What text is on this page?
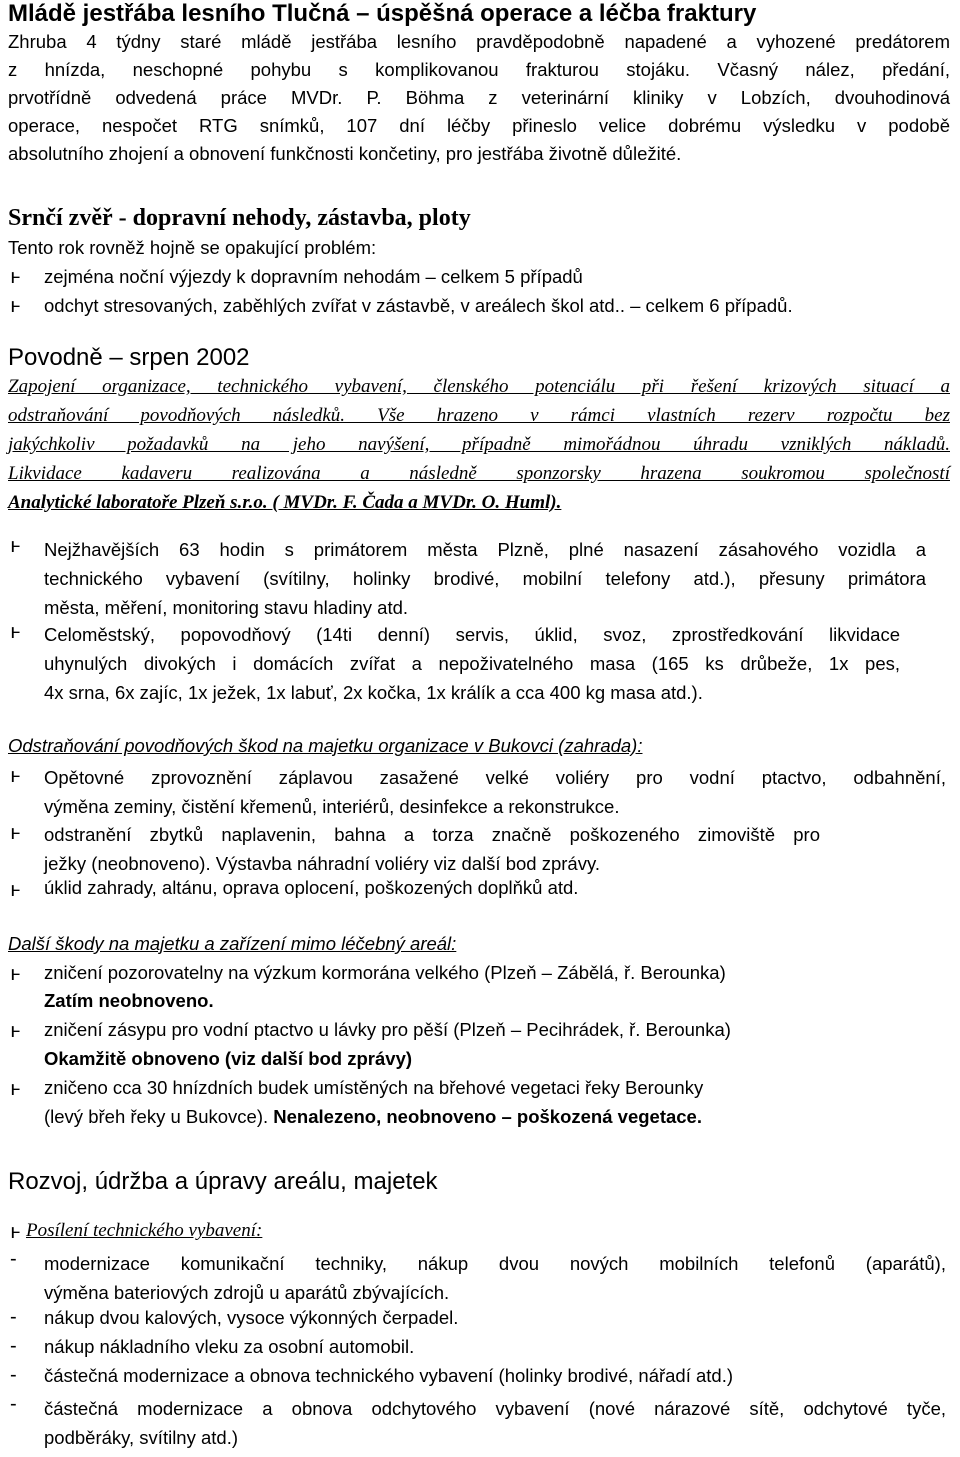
Mládě jestřába lesního Tlučná – úspěšná operace a léčba fraktury
Zhruba 4 týdny staré mládě jestřába lesního pravděpodobně napadené a vyhozené predátorem
z hnízda, neschopné pohybu s komplikovanou frakturou stojáku. Včasný nález, předání,
prvotřídně odvedená práce MVDr. P. Böhma z veterinární kliniky v Lobzích, dvouhodinová
operace, nespočet RTG snímků, 107 dní léčby přineslo velice dobrému výsledku v podobě
absolutního zhojení a obnovení funkčnosti končetiny, pro jestřába životně důležité.
Srnčí zvěř - dopravní nehody, zástavba, ploty
Tento rok rovněž hojně se opakující problém:
ͱ	zejména noční výjezdy k dopravním nehodám – celkem 5 případů
ͱ	odchyt stresovaných, zaběhlých zvířat v zástavbě, v areálech škol atd.. – celkem 6 případů.
Povodně – srpen 2002
Zapojení organizace, technického vybavení, členského potenciálu při řešení krizových situací a
odstraňování povodňových následků. Vše hrazeno v rámci vlastních rezerv rozpočtu bez
jakýchkoliv požadavků na jeho navýšení, případně mimořádnou úhradu vzniklých nákladů.
Likvidace kadaveru realizována a následně sponzorsky hrazena soukromou společností
Analytické laboratoře Plzeň s.r.o. ( MVDr. F. Čada a MVDr. O. Huml).
ͱ	Nejžhavějších 63 hodin s primátorem města Plzně, plné nasazení zásahového vozidla a
technického vybavení (svítilny, holinky brodivé, mobilní telefony atd.), přesuny primátora
města, měření, monitoring stavu hladiny atd.
ͱ	Celoměstský, popovodňový (14ti denní) servis, úklid, svoz, zprostředkování likvidace
uhynulých divokých i domácích zvířat a nepoživatelného masa (165 ks drůbeže, 1x pes,
4x srna, 6x zajíc, 1x ježek, 1x labuť, 2x kočka, 1x králík a cca 400 kg masa atd.).
Odstraňování povodňových škod na majetku organizace v Bukovci (zahrada):
ͱ	Opětovné zprovoznění záplavou zasažené velké voliéry pro vodní ptactvo, odbahnění,
výměna zeminy, čistění křemenů, interiérů, desinfekce a rekonstrukce.
ͱ	odstranění zbytků naplavenin, bahna a torza značně poškozeného zimoviště pro
ježky (neobnoveno). Výstavba náhradní voliéry viz další bod zprávy.
ͱ	úklid zahrady, altánu, oprava oplocení, poškozených doplňků atd.
Další škody na majetku a zařízení mimo léčebný areál:
ͱ	zničení pozorovatelny na výzkum kormorána velkého (Plzeň – Zábělá, ř. Berounka)
Zatím neobnoveno.
ͱ	zničení zásypu pro vodní ptactvo u lávky pro pěší (Plzeň – Pecihrádek, ř. Berounka)
Okamžitě obnoveno (viz další bod zprávy)
ͱ	zničeno cca 30 hnízdních budek umístěných na břehové vegetaci řeky Berounky
(levý břeh řeky u Bukovce). Nenalezeno, neobnoveno – poškozená vegetace.
Rozvoj, údržba a úpravy areálu, majetek
ͱ Posílení technického vybavení:
- modernizace komunikační techniky, nákup dvou nových mobilních telefonů (aparátů),
výměna bateriových zdrojů u aparátů zbývajících.
- nákup dvou kalových, vysoce výkonných čerpadel.
- nákup nákladního vleku za osobní automobil.
- částečná modernizace a obnova technického vybavení (holinky brodivé, nářadí atd.)
- částečná modernizace a obnova odchytového vybavení (nové nárazové sítě, odchytové tyče,
podběráky, svítilny atd.)
